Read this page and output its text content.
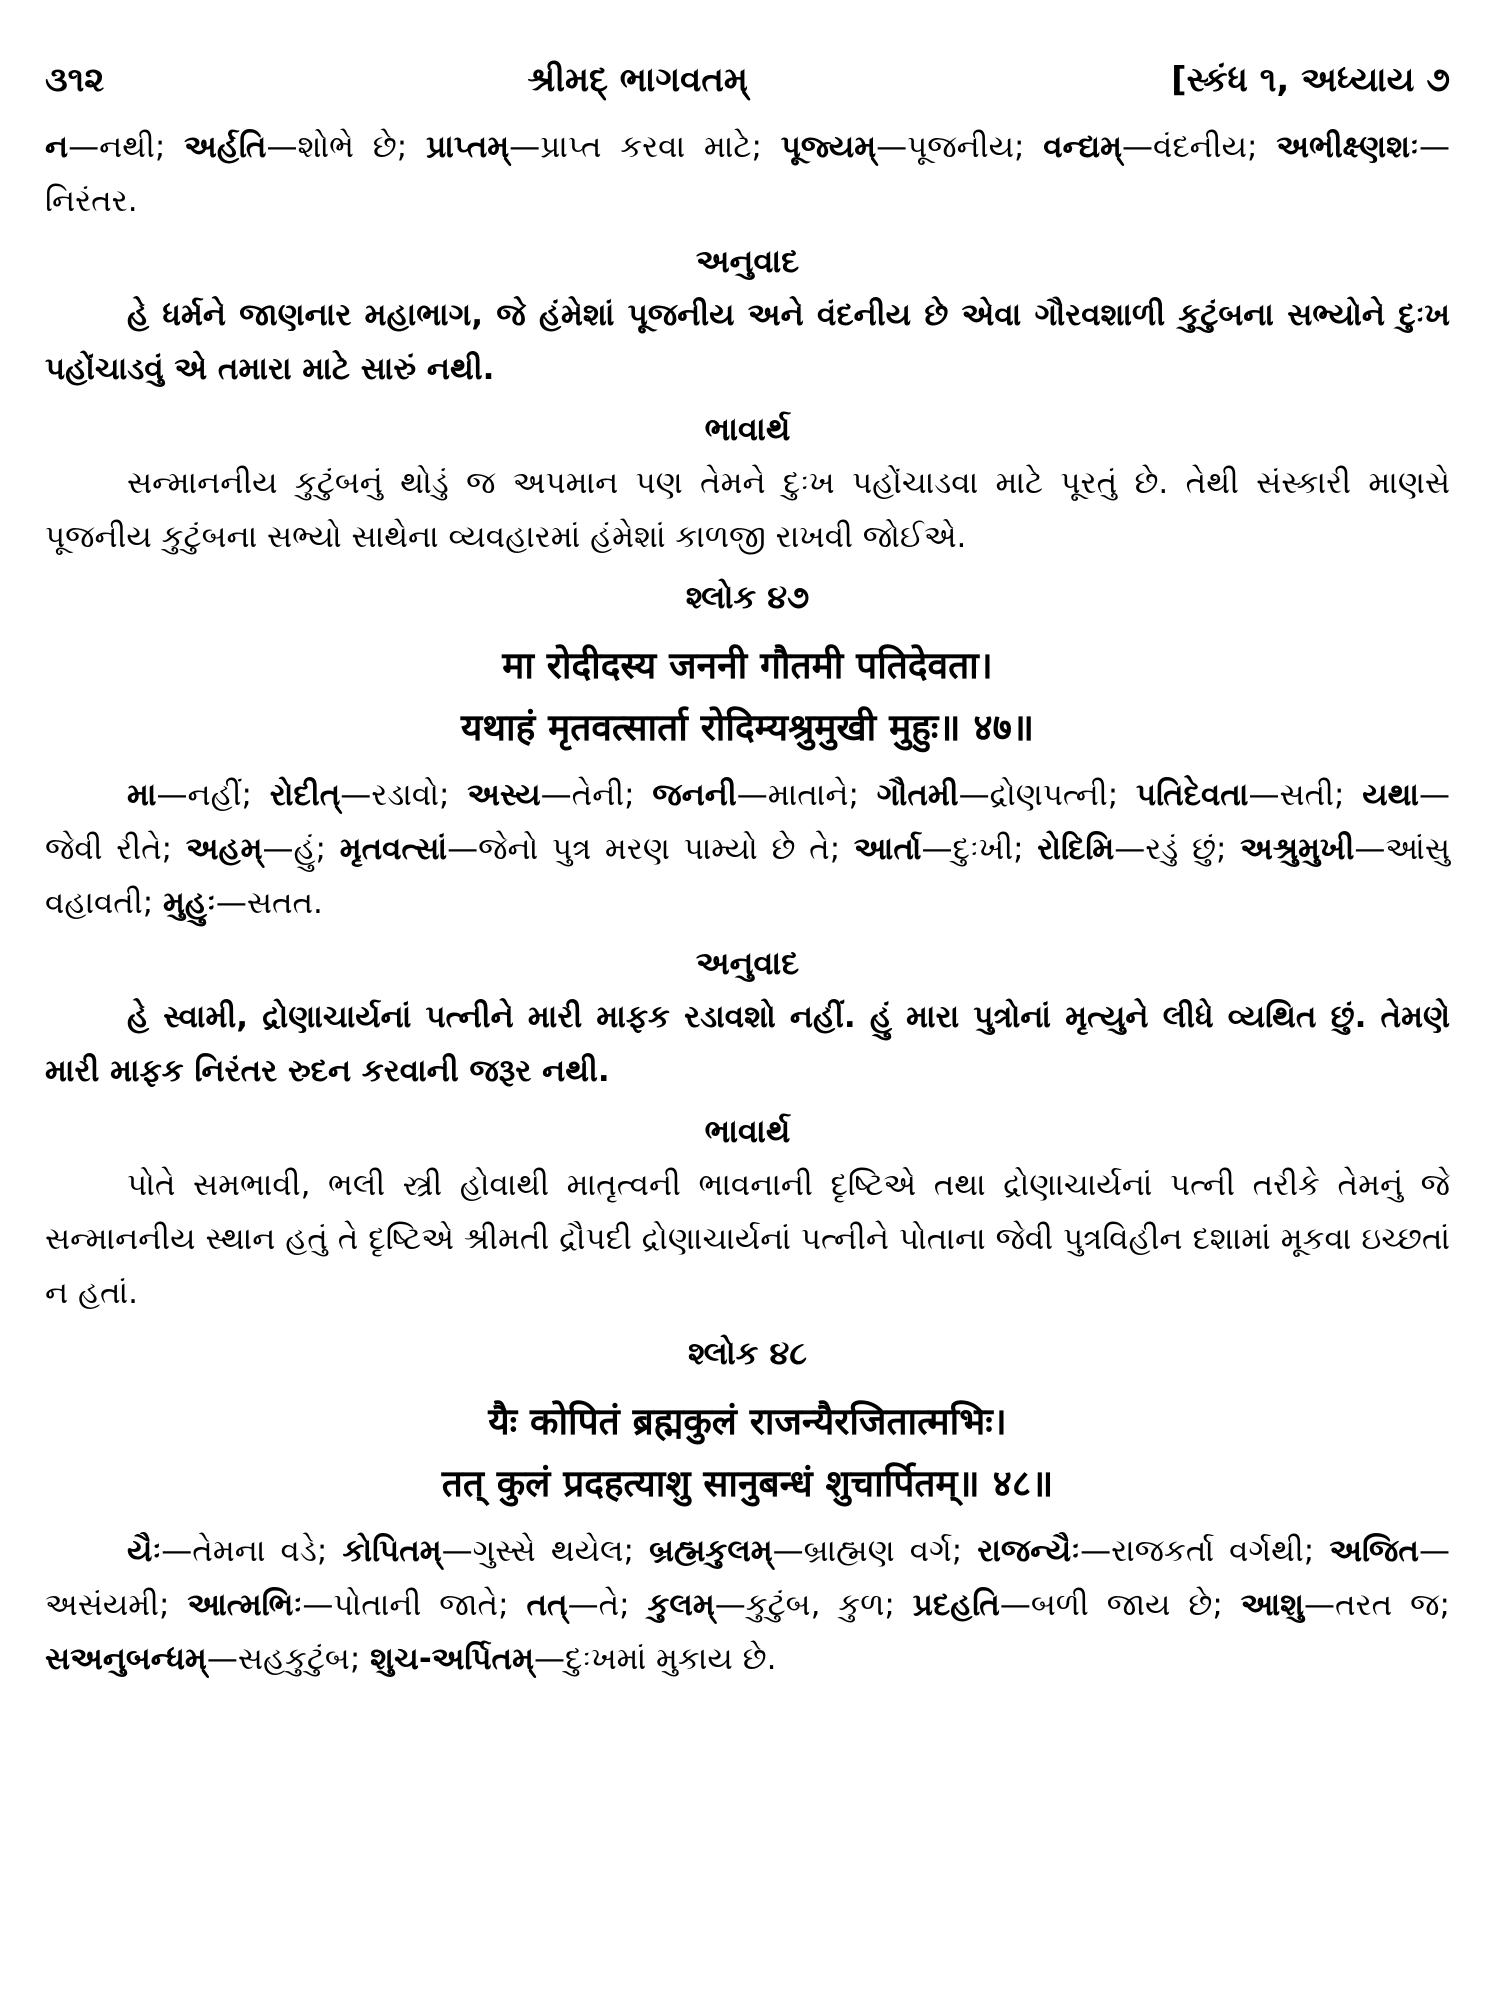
૩૧૨	શ્રીમદ્ ભાગવતમ્	[સ્કંધ ૧, અધ્યાય ૭

ન—નથી; અર્હતિ—શોભે છે; પ્રાપ્તમ્—પ્રાપ્ત કરવા માટે; પૂજ્યમ્—પૂજનીય; વન્દ્યમ્—વંદનીય; અભીક્ષ્ણશઃ—નિરંતર.

અનુવાદ

હે ધર્મને જાણનાર મહાભાગ, જે હંમેશાં પૂજનીય અને વંદનીય છે એવા ગૌરવશાળી કુટુંબના સભ્યોને દુઃખ પહોંચાડવું એ તમારા માટે સારું નથી.

ભાવાર્થ

સન્માનનીય કુટુંબનું થોડું જ અપમાન પણ તેમને દુઃખ પહોંચાડવા માટે પૂરતું છે. તેથી સંસ્કારી માણસે પૂજનીય કુટુંબના સભ્યો સાથેના વ્યવહારમાં હંમેશાં કાળજી રાખવી જોઈએ.

શ્લોક ૪૭
मा रोदीदस्य जननी गौतमी पतिदेवता।
यथाहं मृतवत्सार्ता रोदिम्यश्रुमुखी मुहुः॥ ४७॥

મા—નહીં; રોદીત્—રડાવો; અસ્ય—તેની; જનની—માતાને; ગૌતમી—દ્રોણપત્ની; પતિદેવતા—સતી; યથા—જેવી રીતે; અહમ્—હું; મૃતવત્સાં—જેનો પુત્ર મરણ પામ્યો છે તે; આર્તા—દુઃખી; રોદિમિ—રડું છું; અશ્રુમુખી—આંસુ વહાવતી; મુહુઃ—સતત.

અનુવાદ

હે સ્વામી, દ્રોણાચાર્યનાં પત્નીને મારી માફક રડાવશો નહીં. હું મારા પુત્રોનાં મૃત્યુને લીધે વ્યથિત છું. તેમણે મારી માફક નિરંતર રુદન કરવાની જરૂર નથી.

ભાવાર્થ

પોતે સમભાવી, ભલી સ્ત્રી હોવાથી માતૃત્વની ભાવનાની દૃષ્ટિએ તથા દ્રોણાચાર્યનાં પત્ની તરીકે તેમનું જે સન્માનનીય સ્થાન હતું તે દૃષ્ટિએ શ્રીમતી દ્રૌપદી દ્રોણાચાર્યનાં પત્નીને પોતાના જેવી પુત્રવિહીન દશામાં મૂકવા ઇચ્છતાં ન હતાં.

શ્લોક ૪૮
यैः कोपितं ब्रह्मकुलं राजन्यैरजितात्मभिः।
तत् कुलं प्रदहत्याशु सानुबन्धं शुचार्पितम्॥ ४८॥

યૈઃ—તેમના વડે; કોપિતમ્—ગુસ્સે થયેલ; બ્રહ્મકુલમ્—બ્રાહ્મણ વર્ગ; રાજન્યૈઃ—રાજકર્તા વર્ગથી; અજિત—અસંયમી; આત્મભિઃ—પોતાની જાતે; તત્—તે; કુલમ્—કુટુંબ, કુળ; પ્રદહતિ—બળી જાય છે; આશુ—તરત જ; સઅનુબન્ધમ્—સહકુટુંબ; શુચ-અર્પિતમ્—દુઃખમાં મુકાય છે.
